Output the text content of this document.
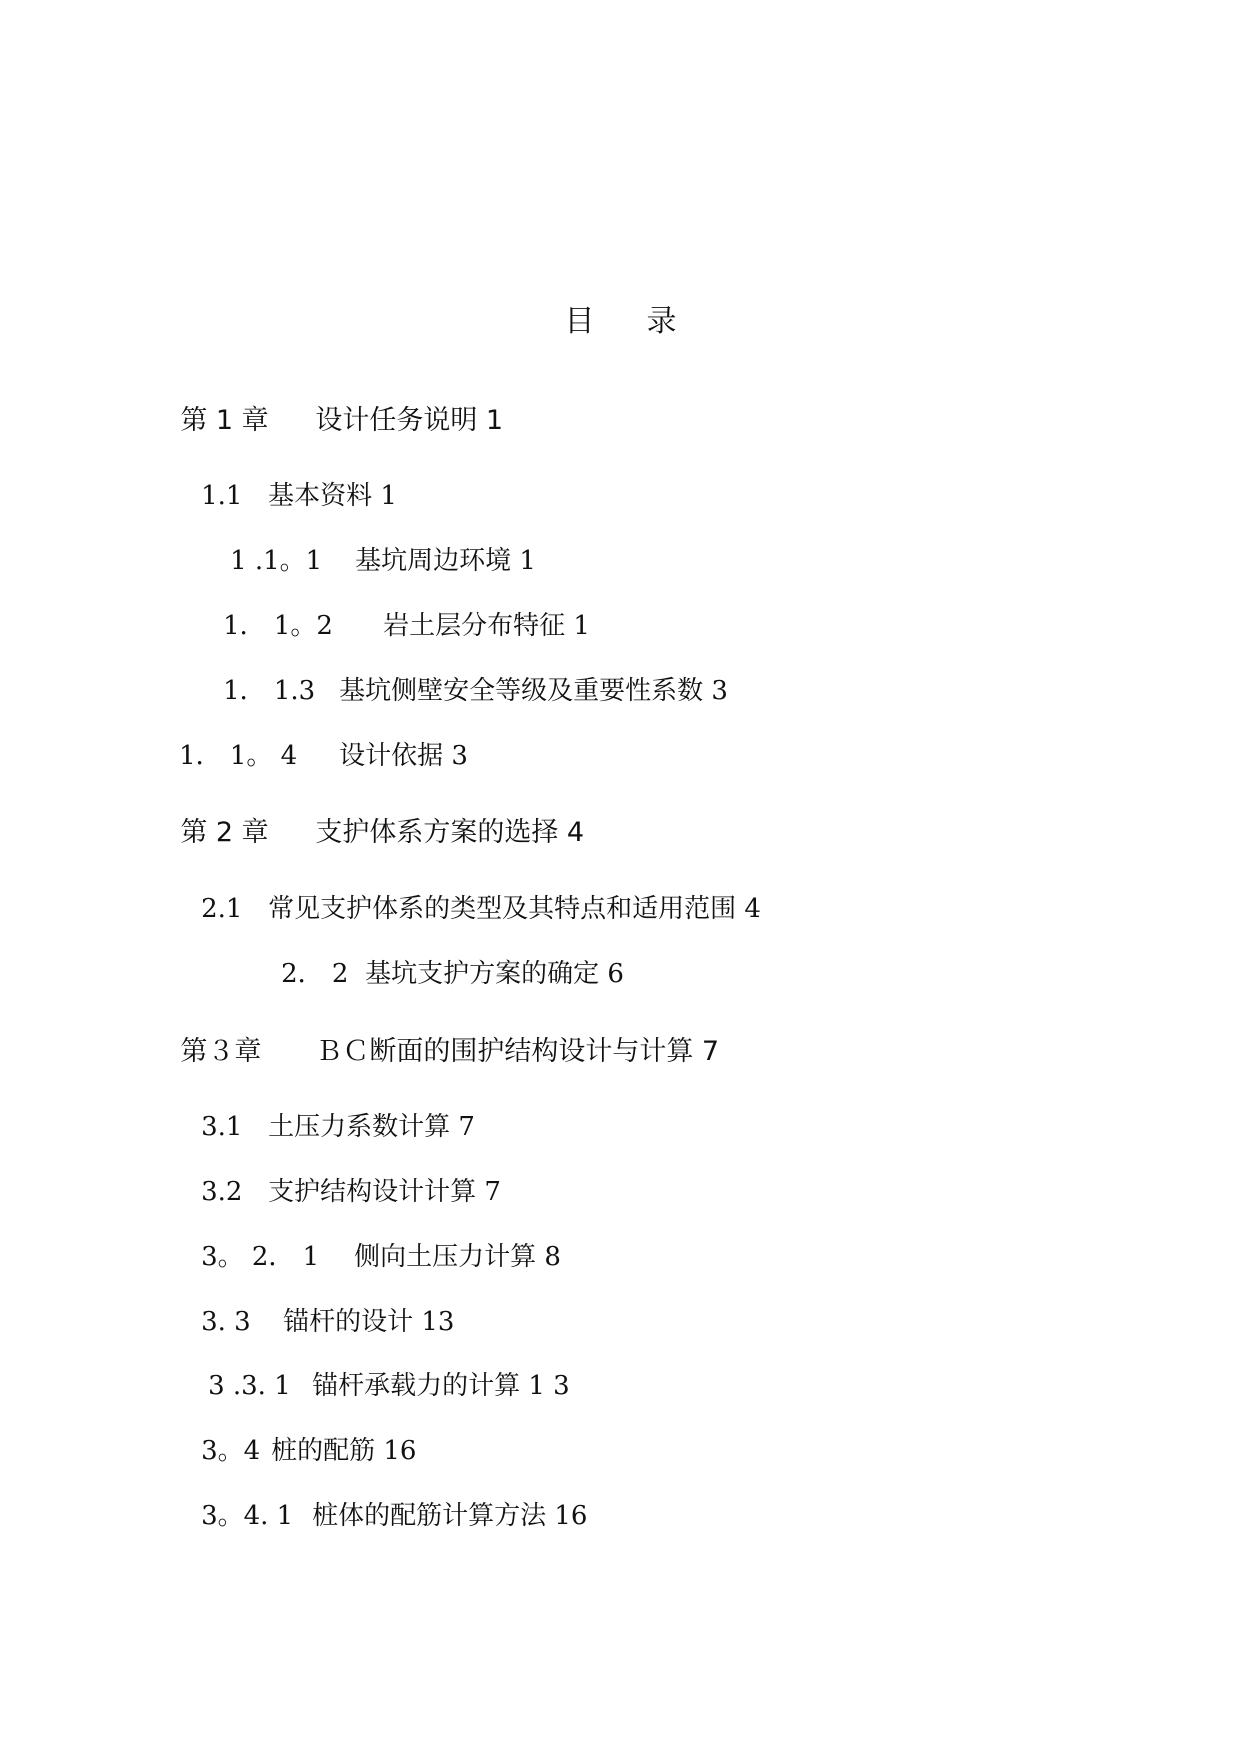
目 录

第 1 章 设计任务说明 1

1.1 基本资料 1

1 .1。1 基坑周边环境 1

1． 1。2 岩土层分布特征 1

1． 1.3 基坑侧壁安全等级及重要性系数 3

1． 1。 4 设计依据 3

第 2 章 支护体系方案的选择 4

2.1 常见支护体系的类型及其特点和适用范围 4

2． 2 基坑支护方案的确定 6

第３章 ＢＣ断面的围护结构设计与计算 7

3.1 土压力系数计算 7

3.2 支护结构设计计算 7

3。 2． 1 侧向土压力计算 8

3. 3 锚杆的设计 13

3 .3. 1 锚杆承载力的计算 1 3

3。4 桩的配筋 16

3。4. 1 桩体的配筋计算方法 16
